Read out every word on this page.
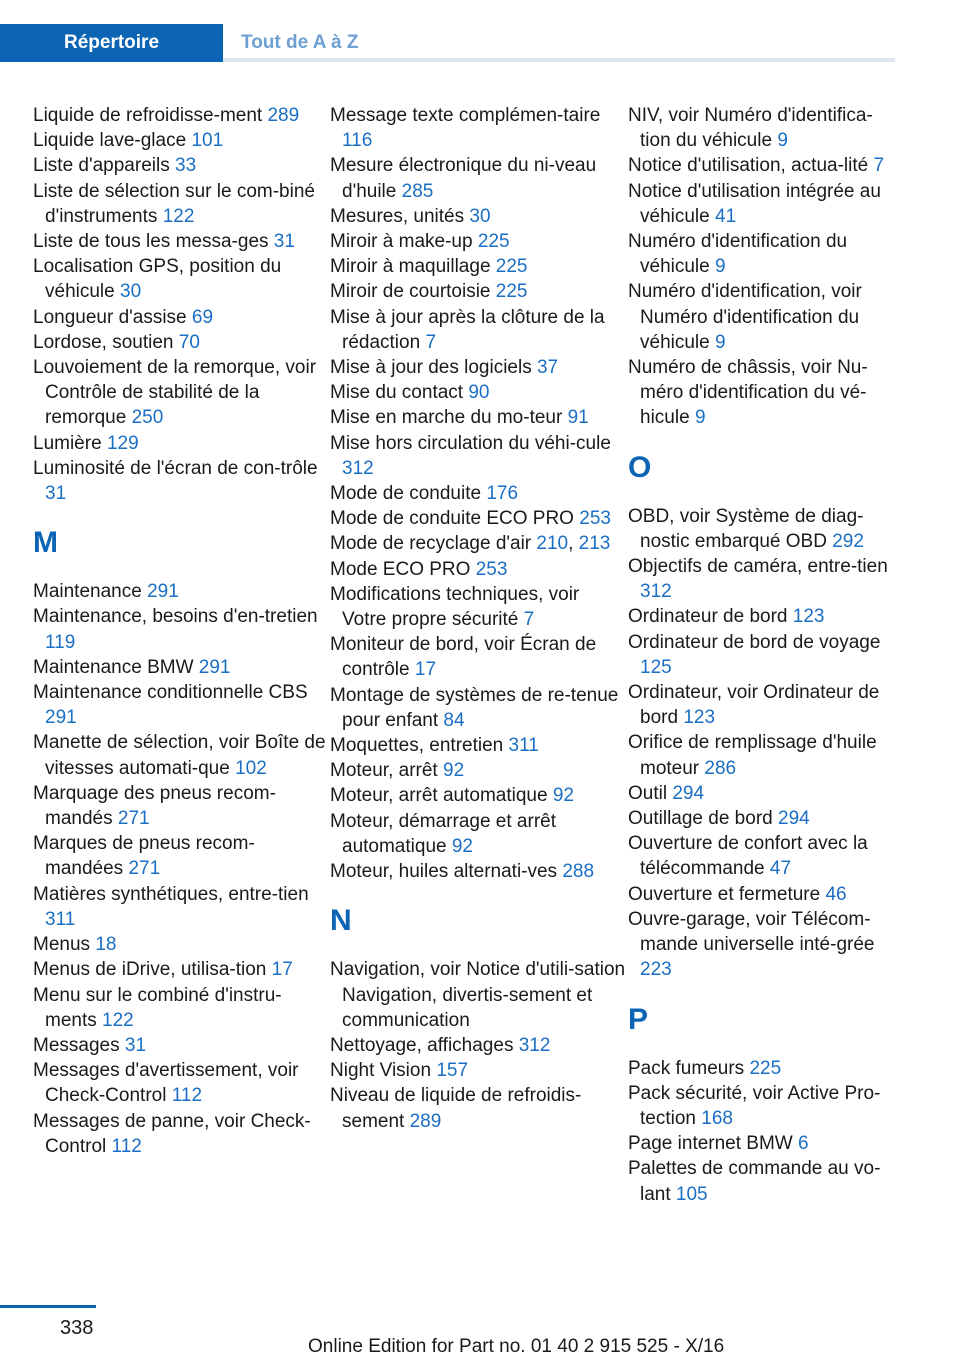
Répertoire	Tout de A à Z

Liquide de refroidisse-ment 289

Liquide lave-glace 101

Liste d'appareils 33

Liste de sélection sur le com-biné d'instruments 122

Liste de tous les messa-ges 31

Localisation GPS, position du véhicule 30

Longueur d'assise 69

Lordose, soutien 70

Louvoiement de la remorque, voir Contrôle de stabilité de la remorque 250

Lumière 129

Luminosité de l'écran de con-trôle 31

M

Maintenance 291

Maintenance, besoins d'en-tretien 119

Maintenance BMW 291

Maintenance conditionnelle CBS 291

Manette de sélection, voir Boîte de vitesses automati-que 102

Marquage des pneus recom-mandés 271

Marques de pneus recom-mandées 271

Matières synthétiques, entre-tien 311

Menus 18

Menus de iDrive, utilisa-tion 17

Menu sur le combiné d'instru-ments 122

Messages 31

Messages d'avertissement, voir Check-Control 112

Messages de panne, voir Check-Control 112

Message texte complémen-taire 116

Mesure électronique du ni-veau d'huile 285

Mesures, unités 30

Miroir à make-up 225

Miroir à maquillage 225

Miroir de courtoisie 225

Mise à jour après la clôture de la rédaction 7

Mise à jour des logiciels 37

Mise du contact 90

Mise en marche du mo-teur 91

Mise hors circulation du véhi-cule 312

Mode de conduite 176

Mode de conduite ECO PRO 253

Mode de recyclage d'air 210, 213

Mode ECO PRO 253

Modifications techniques, voir Votre propre sécurité 7

Moniteur de bord, voir Écran de contrôle 17

Montage de systèmes de re-tenue pour enfant 84

Moquettes, entretien 311

Moteur, arrêt 92

Moteur, arrêt automatique 92

Moteur, démarrage et arrêt automatique 92

Moteur, huiles alternati-ves 288

N

Navigation, voir Notice d'utili-sation Navigation, divertis-sement et communication

Nettoyage, affichages 312

Night Vision 157

Niveau de liquide de refroidis-sement 289

NIV, voir Numéro d'identifica-tion du véhicule 9

Notice d'utilisation, actua-lité 7

Notice d'utilisation intégrée au véhicule 41

Numéro d'identification du véhicule 9

Numéro d'identification, voir Numéro d'identification du véhicule 9

Numéro de châssis, voir Nu-méro d'identification du vé-hicule 9

O

OBD, voir Système de diag-nostic embarqué OBD 292

Objectifs de caméra, entre-tien 312

Ordinateur de bord 123

Ordinateur de bord de voyage 125

Ordinateur, voir Ordinateur de bord 123

Orifice de remplissage d'huile moteur 286

Outil 294

Outillage de bord 294

Ouverture de confort avec la télécommande 47

Ouverture et fermeture 46

Ouvre-garage, voir Télécom-mande universelle inté-grée 223

P

Pack fumeurs 225

Pack sécurité, voir Active Pro-tection 168

Page internet BMW 6

Palettes de commande au vo-lant 105

338
Online Edition for Part no. 01 40 2 915 525 - X/16
